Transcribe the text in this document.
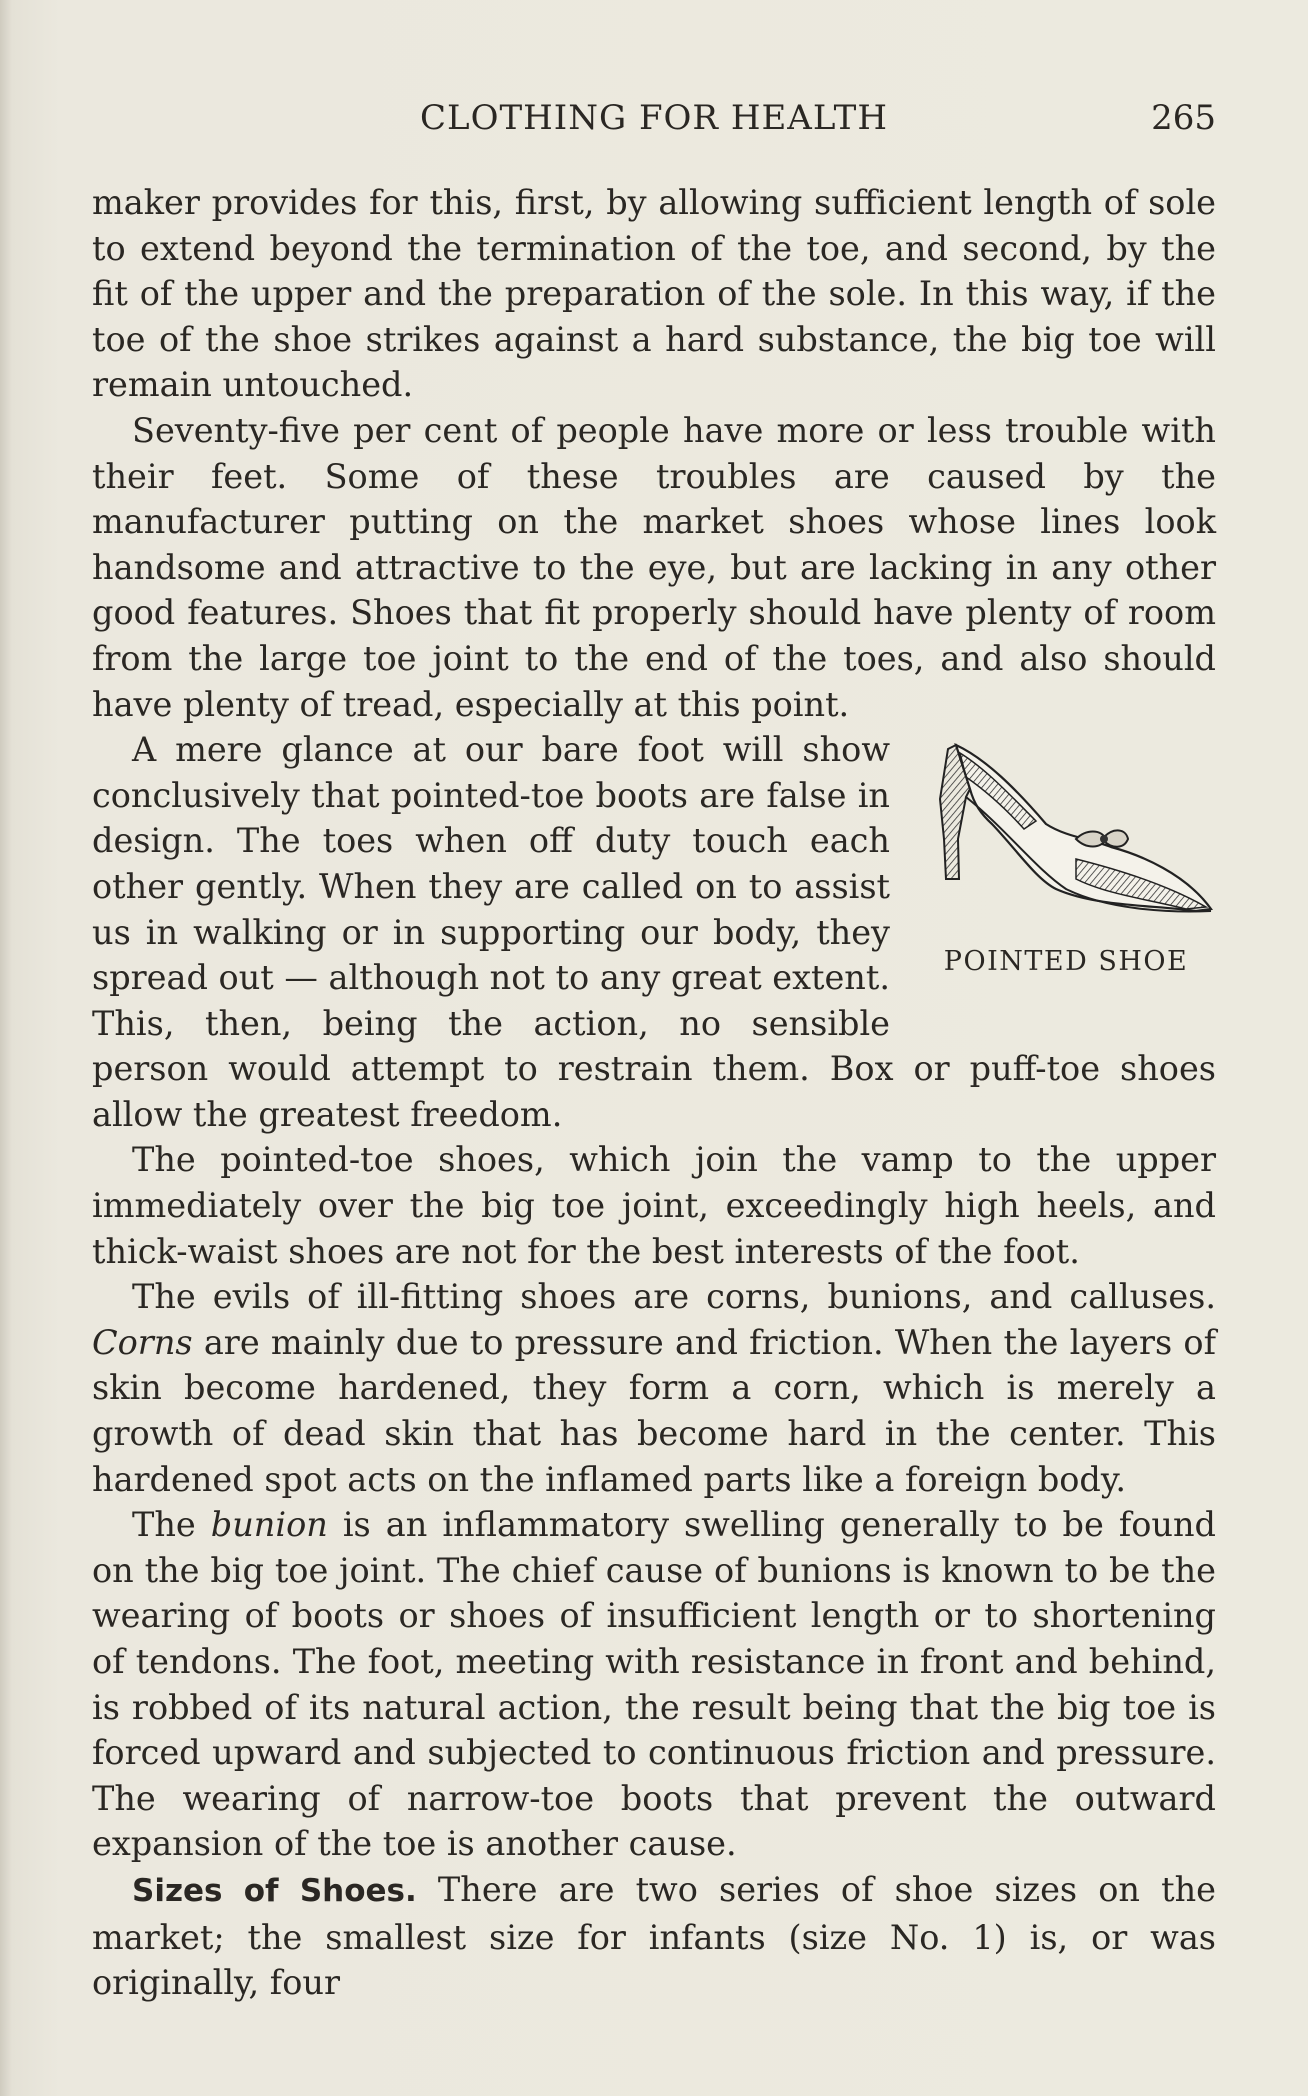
CLOTHING FOR HEALTH	265

maker provides for this, first, by allowing sufficient length of sole to extend beyond the termination of the toe, and second, by the fit of the upper and the preparation of the sole. In this way, if the toe of the shoe strikes against a hard substance, the big toe will remain untouched.

Seventy-five per cent of people have more or less trouble with their feet. Some of these troubles are caused by the manufacturer putting on the market shoes whose lines look handsome and attractive to the eye, but are lacking in any other good features. Shoes that fit properly should have plenty of room from the large toe joint to the end of the toes, and also should have plenty of tread, especially at this point.

POINTED SHOE

A mere glance at our bare foot will show conclusively that pointed-toe boots are false in design. The toes when off duty touch each other gently. When they are called on to assist us in walking or in supporting our body, they spread out — although not to any great extent. This, then, being the action, no sensible person would attempt to restrain them. Box or puff-toe shoes allow the greatest freedom.

The pointed-toe shoes, which join the vamp to the upper immediately over the big toe joint, exceedingly high heels, and thick-waist shoes are not for the best interests of the foot.

The evils of ill-fitting shoes are corns, bunions, and calluses. Corns are mainly due to pressure and friction. When the layers of skin become hardened, they form a corn, which is merely a growth of dead skin that has become hard in the center. This hardened spot acts on the inflamed parts like a foreign body.

The bunion is an inflammatory swelling generally to be found on the big toe joint. The chief cause of bunions is known to be the wearing of boots or shoes of insufficient length or to shortening of tendons. The foot, meeting with resistance in front and behind, is robbed of its natural action, the result being that the big toe is forced upward and subjected to continuous friction and pressure. The wearing of narrow-toe boots that prevent the outward expansion of the toe is another cause.

Sizes of Shoes. There are two series of shoe sizes on the market; the smallest size for infants (size No. 1) is, or was originally, four
